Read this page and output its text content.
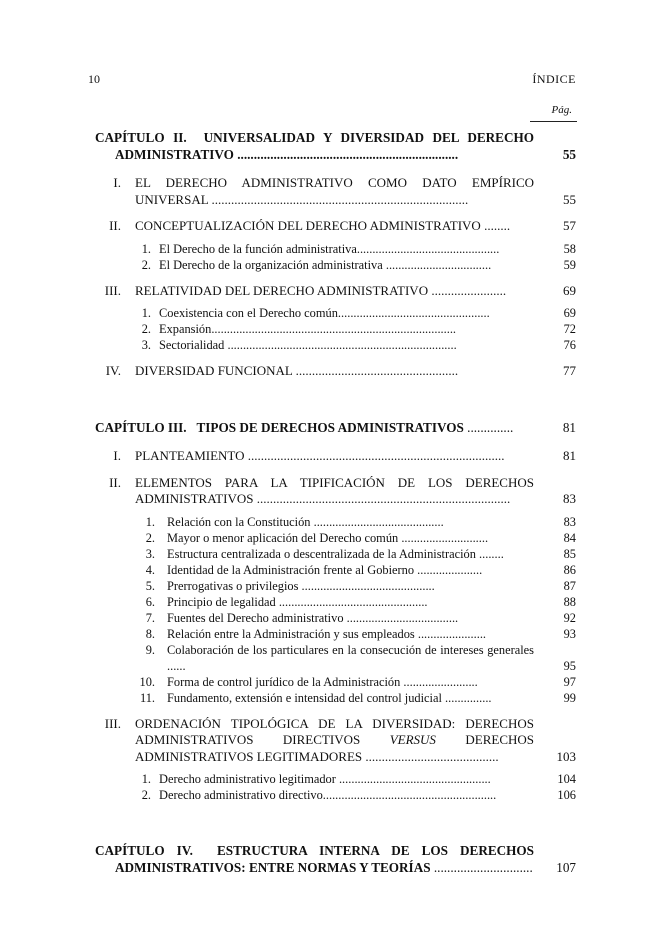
10	ÍNDICE
Pág.
CAPÍTULO II. UNIVERSALIDAD Y DIVERSIDAD DEL DERECHO ADMINISTRATIVO ...................................................................	55
I. EL DERECHO ADMINISTRATIVO COMO DATO EMPÍRICO UNIVERSAL ...............................................................................	55
II. CONCEPTUALIZACIÓN DEL DERECHO ADMINISTRATIVO ........	57
1. El Derecho de la función administrativa..............................................	58
2. El Derecho de la organización administrativa ..................................	59
III. RELATIVIDAD DEL DERECHO ADMINISTRATIVO .......................	69
1. Coexistencia con el Derecho común.................................................	69
2. Expansión...............................................................................	72
3. Sectorialidad ..........................................................................	76
IV. DIVERSIDAD FUNCIONAL ..................................................	77
CAPÍTULO III. TIPOS DE DERECHOS ADMINISTRATIVOS ..............	81
I. PLANTEAMIENTO ...............................................................................	81
II. ELEMENTOS PARA LA TIPIFICACIÓN DE LOS DERECHOS ADMINISTRATIVOS ..............................................................................	83
1. Relación con la Constitución ..........................................	83
2. Mayor o menor aplicación del Derecho común ............................	84
3. Estructura centralizada o descentralizada de la Administración ........	85
4. Identidad de la Administración frente al Gobierno .....................	86
5. Prerrogativas o privilegios ...........................................	87
6. Principio de legalidad ................................................	88
7. Fuentes del Derecho administrativo ....................................	92
8. Relación entre la Administración y sus empleados ......................	93
9. Colaboración de los particulares en la consecución de intereses generales ......	95
10. Forma de control jurídico de la Administración ........................	97
11. Fundamento, extensión e intensidad del control judicial ...............	99
III. ORDENACIÓN TIPOLÓGICA DE LA DIVERSIDAD: DERECHOS ADMINISTRATIVOS DIRECTIVOS VERSUS DERECHOS ADMINISTRATIVOS LEGITIMADORES .........................................	103
1. Derecho administrativo legitimador .................................................	104
2. Derecho administrativo directivo........................................................	106
CAPÍTULO IV. ESTRUCTURA INTERNA DE LOS DERECHOS ADMINISTRATIVOS: ENTRE NORMAS Y TEORÍAS .............................. 107
